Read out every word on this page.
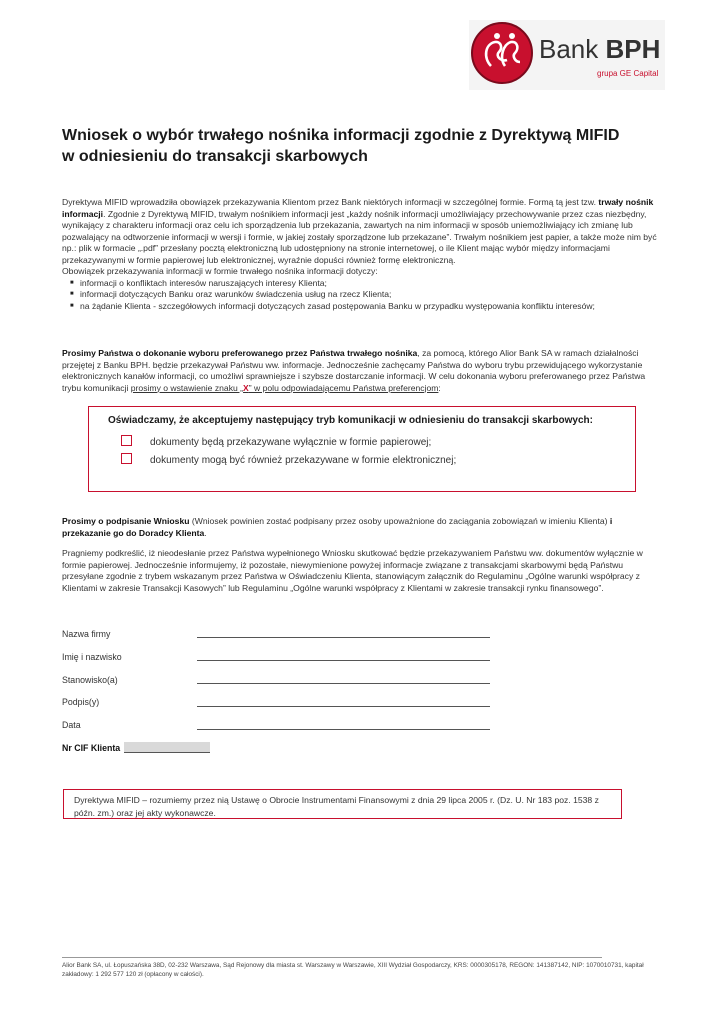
Bank BPH
grupa GE Capital
Wniosek o wybór trwałego nośnika informacji zgodnie z Dyrektywą MIFID
w odniesieniu do transakcji skarbowych
Dyrektywa MIFID wprowadziła obowiązek przekazywania Klientom przez Bank niektórych informacji w szczególnej formie. Formą tą jest tzw. trwały nośnik informacji. Zgodnie z Dyrektywą MIFID, trwałym nośnikiem informacji jest „każdy nośnik informacji umożliwiający przechowywanie przez czas niezbędny, wynikający z charakteru informacji oraz celu ich sporządzenia lub przekazania, zawartych na nim informacji w sposób uniemożliwiający ich zmianę lub pozwalający na odtworzenie informacji w wersji i formie, w jakiej zostały sporządzone lub przekazane”. Trwałym nośnikiem jest papier, a także może nim być np.: plik w formacie „.pdf” przesłany pocztą elektroniczną lub udostępniony na stronie internetowej, o ile Klient mając wybór między informacjami przekazywanymi w formie papierowej lub elektronicznej, wyraźnie dopuści również formę elektroniczną.
Obowiązek przekazywania informacji w formie trwałego nośnika informacji dotyczy:
■ informacji o konfliktach interesów naruszających interesy Klienta;
■ informacji dotyczących Banku oraz warunków świadczenia usług na rzecz Klienta;
■ na żądanie Klienta - szczegółowych informacji dotyczących zasad postępowania Banku w przypadku występowania konfliktu interesów;
Prosimy Państwa o dokonanie wyboru preferowanego przez Państwa trwałego nośnika, za pomocą, którego Alior Bank SA w ramach działalności przejętej z Banku BPH. będzie przekazywał Państwu ww. informacje. Jednocześnie zachęcamy Państwa do wyboru trybu przewidującego wykorzystanie elektronicznych kanałów informacji, co umożliwi sprawniejsze i szybsze dostarczanie informacji. W celu dokonania wyboru preferowanego przez Państwa trybu komunikacji prosimy o wstawienie znaku „X” w polu odpowiadającemu Państwa preferencjom:
Oświadczamy, że akceptujemy następujący tryb komunikacji w odniesieniu do transakcji skarbowych:
dokumenty będą przekazywane wyłącznie w formie papierowej;
dokumenty mogą być również przekazywane w formie elektronicznej;
Prosimy o podpisanie Wniosku (Wniosek powinien zostać podpisany przez osoby upoważnione do zaciągania zobowiązań w imieniu Klienta) i przekazanie go do Doradcy Klienta.
Pragniemy podkreślić, iż nieodesłanie przez Państwa wypełnionego Wniosku skutkować będzie przekazywaniem Państwu ww. dokumentów wyłącznie w formie papierowej. Jednocześnie informujemy, iż pozostałe, niewymienione powyżej informacje związane z transakcjami skarbowymi będą Państwu przesyłane zgodnie z trybem wskazanym przez Państwa w Oświadczeniu Klienta, stanowiącym załącznik do Regulaminu „Ogólne warunki współpracy z Klientami w zakresie Transakcji Kasowych” lub Regulaminu „Ogólne warunki współpracy z Klientami w zakresie transakcji rynku finansowego”.
Nazwa firmy
Imię i nazwisko
Stanowisko(a)
Podpis(y)
Data
Nr CIF Klienta
Dyrektywa MIFID – rozumiemy przez nią Ustawę o Obrocie Instrumentami Finansowymi z dnia 29 lipca 2005 r. (Dz. U. Nr 183 poz. 1538 z późn. zm.) oraz jej akty wykonawcze.
Alior Bank SA, ul. Łopuszańska 38D, 02-232 Warszawa, Sąd Rejonowy dla miasta st. Warszawy w Warszawie, XIII Wydział Gospodarczy, KRS: 0000305178, REGON: 141387142, NIP: 1070010731, kapitał zakładowy: 1 292 577 120 zł (opłacony w całości).
